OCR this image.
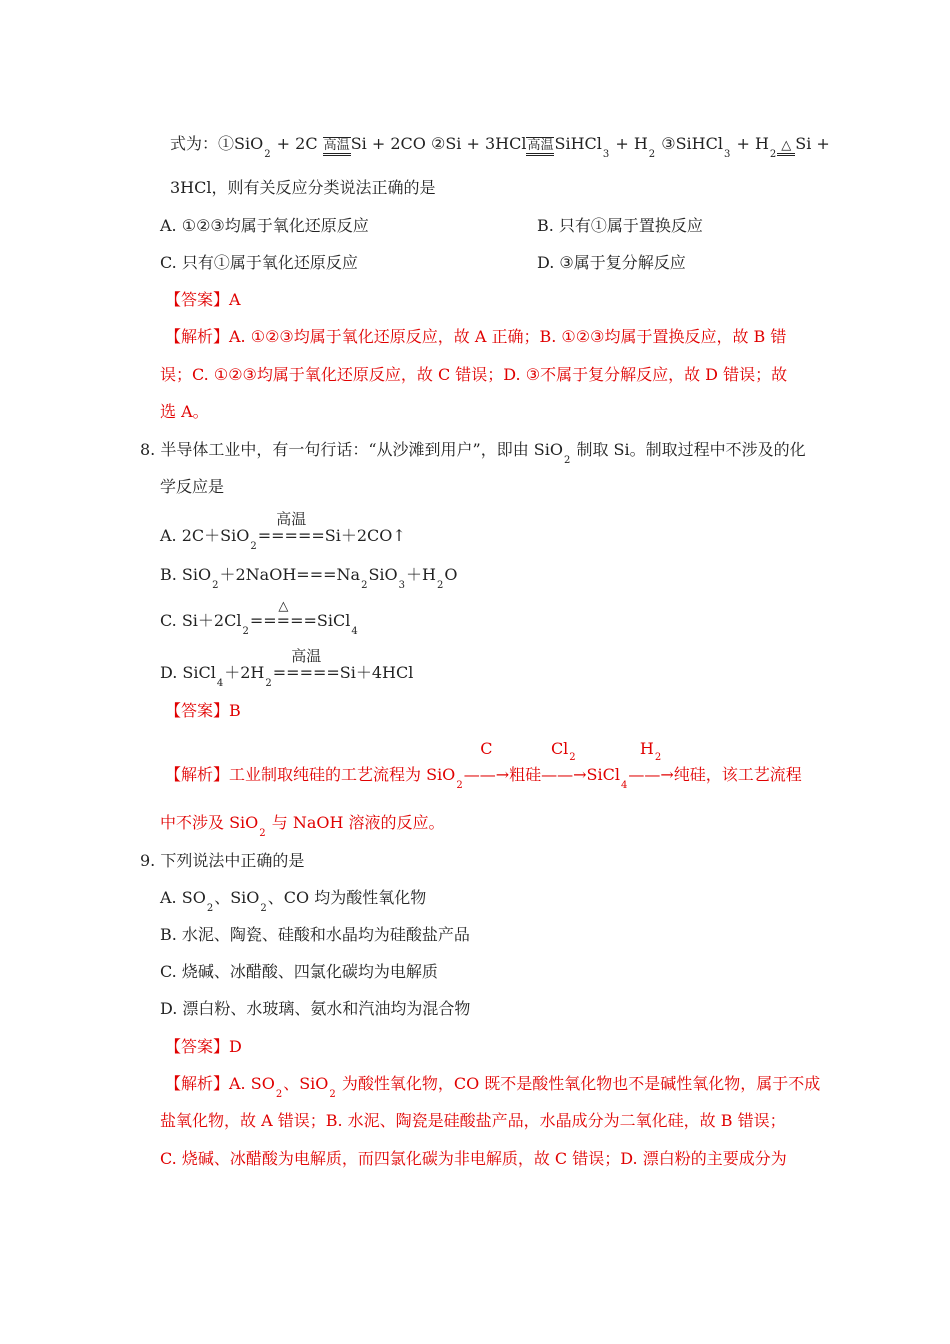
式为：①SiO$_2$ + 2C 高温Si + 2CO ②Si + 3HCl高温SiHCl$_3$ + $H_2$ ③SiHCl$_3$ + $H_2\triangle$ Si +
3HCl，则有关反应分类说法正确的是
A. ①②③均属于氧化还原反应	B. 只有①属于置换反应
C. 只有①属于氧化还原反应	D. ③属于复分解反应
【答案】A
【解析】A. ①②③均属于氧化还原反应，故 A 正确；B. ①②③均属于置换反应，故 B 错
误；C. ①②③均属于氧化还原反应，故 C 错误；D. ③不属于复分解反应，故 D 错误；故
选 A。
8. 半导体工业中，有一句行话：“从沙滩到用户”，即由 SiO$_2$ 制取 Si。制取过程中不涉及的化
学反应是
A. 2C＋SiO$_2$
高温
=====Si＋2CO↑
B. $SiO_2+2NaOH===Na_2SiO_3+H_2O$
C. $Si+2Cl_2$
△
=====SiCl$_4$
D. $SiCl_4+2H_2$
高温
=====Si＋4HCl
【答案】B
【解析】工业制取纯硅的工艺流程为 SiO$_2$
C
——→粗硅
$Cl_2$
——→SiCl$_4$
$H_2$
——→纯硅，该工艺流程
中不涉及 SiO$_2$ 与 NaOH 溶液的反应。
9. 下列说法中正确的是
A. $SO_2$、SiO$_2$、CO 均为酸性氧化物
B. 水泥、陶瓷、硅酸和水晶均为硅酸盐产品
C. 烧碱、冰醋酸、四氯化碳均为电解质
D. 漂白粉、水玻璃、氨水和汽油均为混合物
【答案】D
【解析】A. $SO_2$、SiO$_2$ 为酸性氧化物，CO 既不是酸性氧化物也不是碱性氧化物，属于不成
盐氧化物，故 A 错误；B. 水泥、陶瓷是硅酸盐产品，水晶成分为二氧化硅，故 B 错误；
C. 烧碱、冰醋酸为电解质，而四氯化碳为非电解质，故 C 错误；D. 漂白粉的主要成分为
